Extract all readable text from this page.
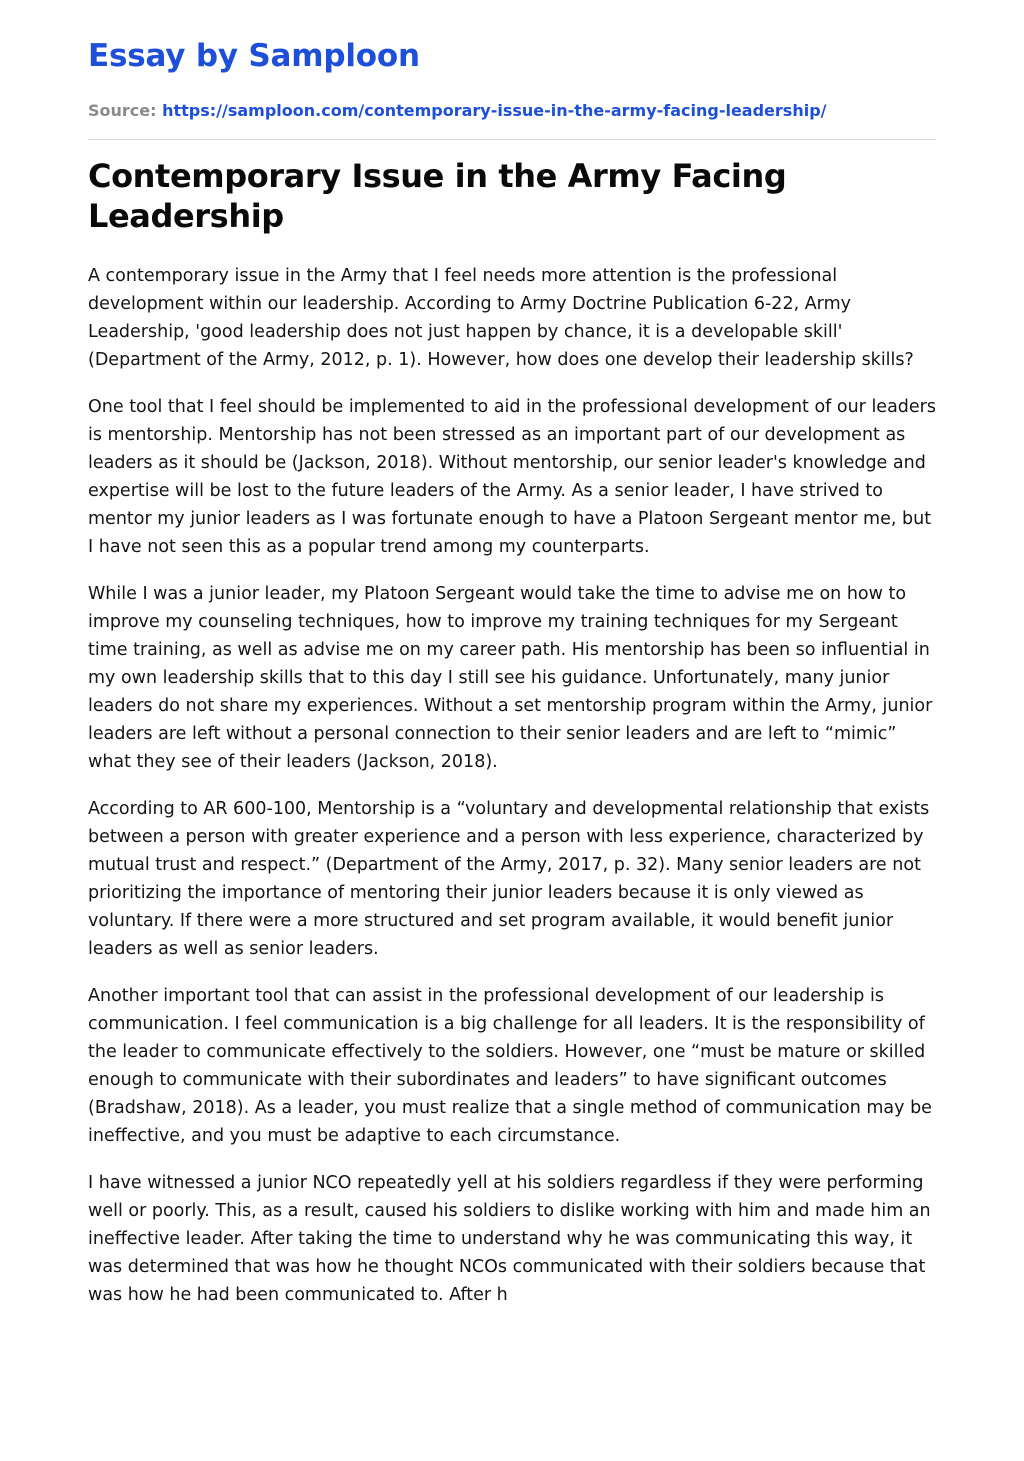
Essay by Samploon
Source: https://samploon.com/contemporary-issue-in-the-army-facing-leadership/
Contemporary Issue in the Army Facing Leadership

A contemporary issue in the Army that I feel needs more attention is the professional development within our leadership. According to Army Doctrine Publication 6-22, Army Leadership, 'good leadership does not just happen by chance, it is a developable skill' (Department of the Army, 2012, p. 1). However, how does one develop their leadership skills?

One tool that I feel should be implemented to aid in the professional development of our leaders is mentorship. Mentorship has not been stressed as an important part of our development as leaders as it should be (Jackson, 2018). Without mentorship, our senior leader's knowledge and expertise will be lost to the future leaders of the Army. As a senior leader, I have strived to mentor my junior leaders as I was fortunate enough to have a Platoon Sergeant mentor me, but I have not seen this as a popular trend among my counterparts.

While I was a junior leader, my Platoon Sergeant would take the time to advise me on how to improve my counseling techniques, how to improve my training techniques for my Sergeant time training, as well as advise me on my career path. His mentorship has been so influential in my own leadership skills that to this day I still see his guidance. Unfortunately, many junior leaders do not share my experiences. Without a set mentorship program within the Army, junior leaders are left without a personal connection to their senior leaders and are left to “mimic” what they see of their leaders (Jackson, 2018).

According to AR 600-100, Mentorship is a “voluntary and developmental relationship that exists between a person with greater experience and a person with less experience, characterized by mutual trust and respect.” (Department of the Army, 2017, p. 32). Many senior leaders are not prioritizing the importance of mentoring their junior leaders because it is only viewed as voluntary. If there were a more structured and set program available, it would benefit junior leaders as well as senior leaders.

Another important tool that can assist in the professional development of our leadership is communication. I feel communication is a big challenge for all leaders. It is the responsibility of the leader to communicate effectively to the soldiers. However, one “must be mature or skilled enough to communicate with their subordinates and leaders” to have significant outcomes (Bradshaw, 2018). As a leader, you must realize that a single method of communication may be ineffective, and you must be adaptive to each circumstance.

I have witnessed a junior NCO repeatedly yell at his soldiers regardless if they were performing well or poorly. This, as a result, caused his soldiers to dislike working with him and made him an ineffective leader. After taking the time to understand why he was communicating this way, it was determined that was how he thought NCOs communicated with their soldiers because that was how he had been communicated to. After h
